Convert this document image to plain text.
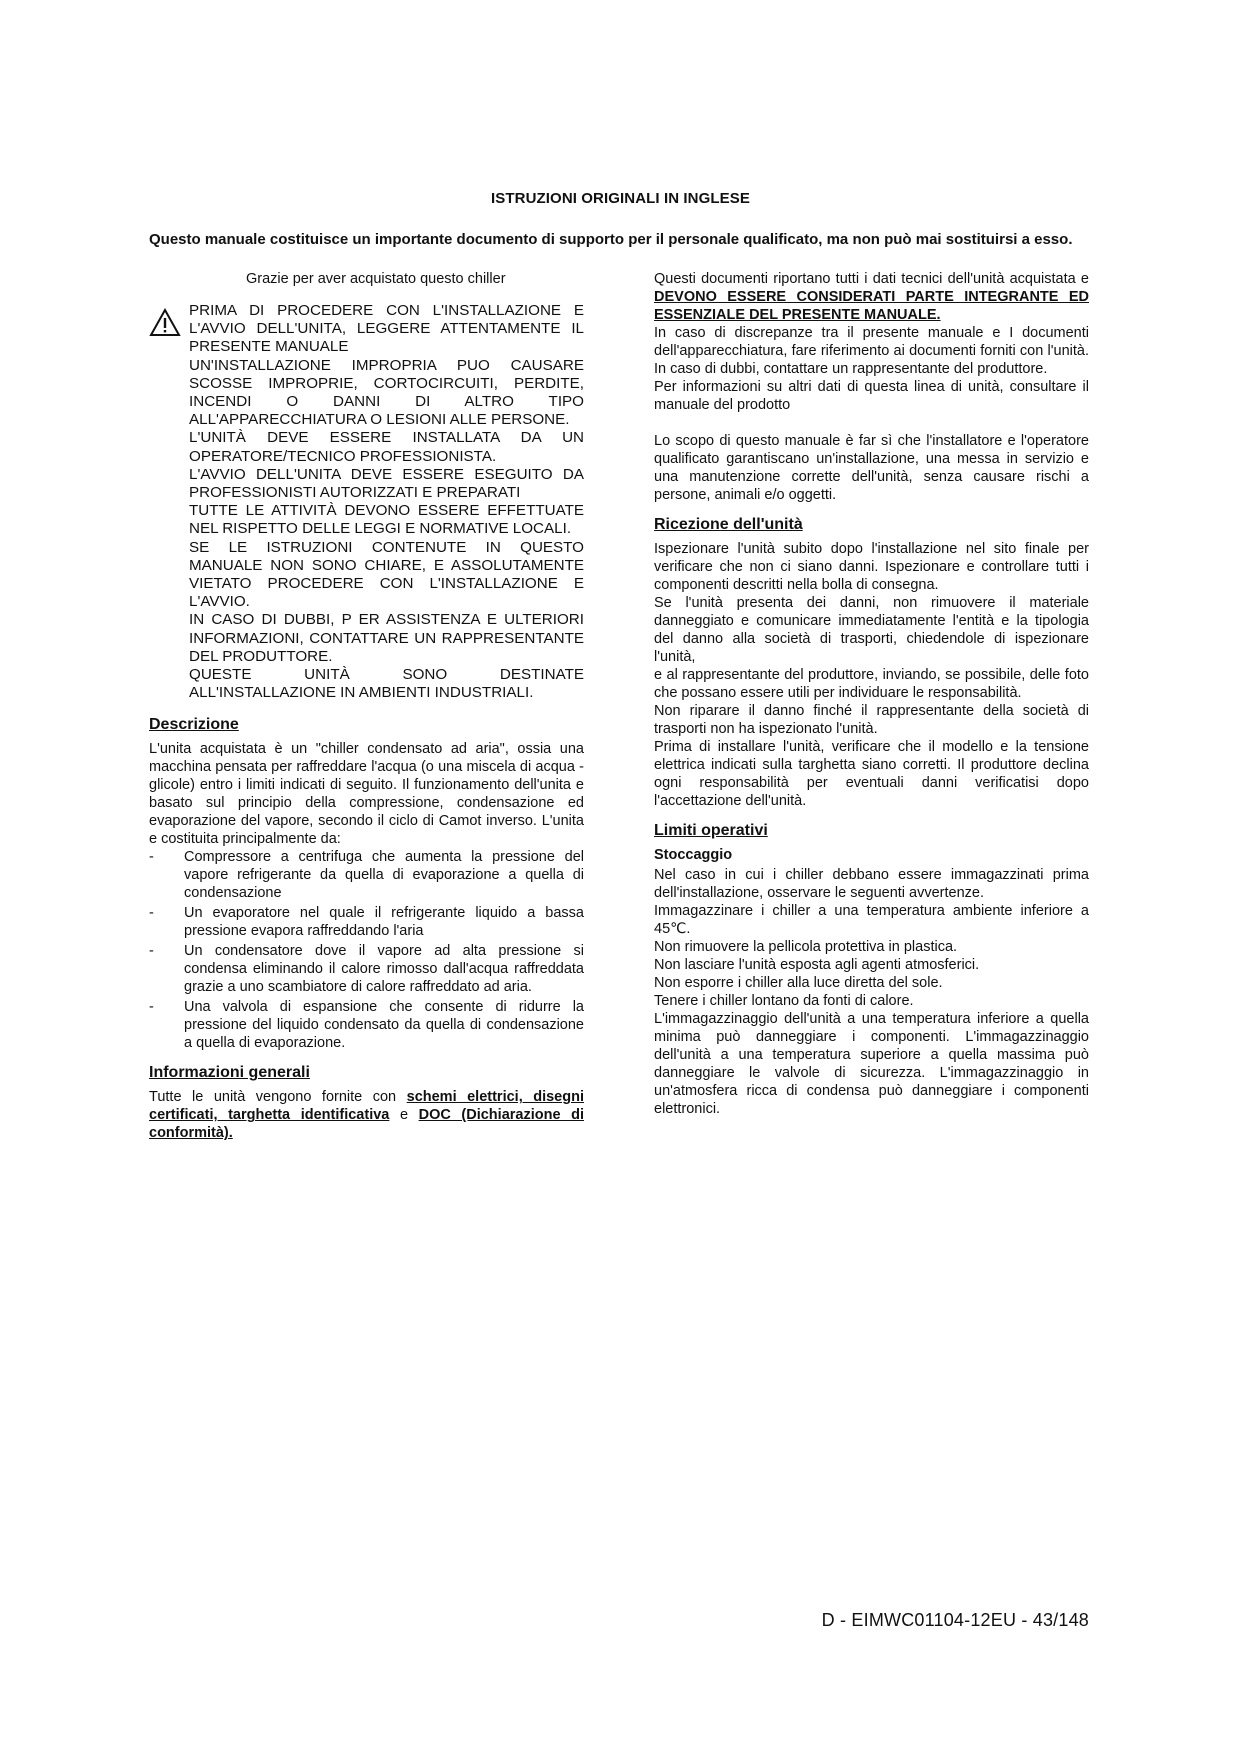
ISTRUZIONI ORIGINALI IN INGLESE
Questo manuale costituisce un importante documento di supporto per il personale qualificato, ma non può mai sostituirsi a esso.

Grazie per aver acquistato questo chiller

PRIMA DI PROCEDERE CON L'INSTALLAZIONE E L'AVVIO DELL'UNITA, LEGGERE ATTENTAMENTE IL PRESENTE MANUALE

UN'INSTALLAZIONE IMPROPRIA PUO CAUSARE SCOSSE IMPROPRIE, CORTOCIRCUITI, PERDITE, INCENDI O DANNI DI ALTRO TIPO ALL'APPARECCHIATURA O LESIONI ALLE PERSONE.

L'UNITÀ DEVE ESSERE INSTALLATA DA UN OPERATORE/TECNICO PROFESSIONISTA.

L'AVVIO DELL'UNITA DEVE ESSERE ESEGUITO DA PROFESSIONISTI AUTORIZZATI E PREPARATI

TUTTE LE ATTIVITÀ DEVONO ESSERE EFFETTUATE NEL RISPETTO DELLE LEGGI E NORMATIVE LOCALI.

SE LE ISTRUZIONI CONTENUTE IN QUESTO MANUALE NON SONO CHIARE, E ASSOLUTAMENTE VIETATO PROCEDERE CON L'INSTALLAZIONE E L'AVVIO.

IN CASO DI DUBBI, P ER ASSISTENZA E ULTERIORI INFORMAZIONI, CONTATTARE UN RAPPRESENTANTE DEL PRODUTTORE.

QUESTE UNITÀ SONO DESTINATE ALL'INSTALLAZIONE IN AMBIENTI INDUSTRIALI.

Descrizione

L'unita acquistata è un "chiller condensato ad aria", ossia una macchina pensata per raffreddare l'acqua (o una miscela di acqua - glicole) entro i limiti indicati di seguito. Il funzionamento dell'unita e basato sul principio della compressione, condensazione ed evaporazione del vapore, secondo il ciclo di Camot inverso. L'unita e costituita principalmente da:

- Compressore a centrifuga che aumenta la pressione del vapore refrigerante da quella di evaporazione a quella di condensazione
- Un evaporatore nel quale il refrigerante liquido a bassa pressione evapora raffreddando l'aria
- Un condensatore dove il vapore ad alta pressione si condensa eliminando il calore rimosso dall'acqua raffreddata grazie a uno scambiatore di calore raffreddato ad aria.
- Una valvola di espansione che consente di ridurre la pressione del liquido condensato da quella di condensazione a quella di evaporazione.
Informazioni generali

Tutte le unità vengono fornite con schemi elettrici, disegni certificati, targhetta identificativa e DOC (Dichiarazione di conformità).

Questi documenti riportano tutti i dati tecnici dell'unità acquistata e DEVONO ESSERE CONSIDERATI PARTE INTEGRANTE ED ESSENZIALE DEL PRESENTE MANUALE.

In caso di discrepanze tra il presente manuale e I documenti dell'apparecchiatura, fare riferimento ai documenti forniti con l'unità. In caso di dubbi, contattare un rappresentante del produttore.

Per informazioni su altri dati di questa linea di unità, consultare il manuale del prodotto

Lo scopo di questo manuale è far sì che l'installatore e l'operatore qualificato garantiscano un'installazione, una messa in servizio e una manutenzione corrette dell'unità, senza causare rischi a persone, animali e/o oggetti.

Ricezione dell'unità

Ispezionare l'unità subito dopo l'installazione nel sito finale per verificare che non ci siano danni. Ispezionare e controllare tutti i componenti descritti nella bolla di consegna.

Se l'unità presenta dei danni, non rimuovere il materiale danneggiato e comunicare immediatamente l'entità e la tipologia del danno alla società di trasporti, chiedendole di ispezionare l'unità,

e al rappresentante del produttore, inviando, se possibile, delle foto che possano essere utili per individuare le responsabilità.

Non riparare il danno finché il rappresentante della società di trasporti non ha ispezionato l'unità.

Prima di installare l'unità, verificare che il modello e la tensione elettrica indicati sulla targhetta siano corretti. Il produttore declina ogni responsabilità per eventuali danni verificatisi dopo l'accettazione dell'unità.

Limiti operativi
Stoccaggio

Nel caso in cui i chiller debbano essere immagazzinati prima dell'installazione, osservare le seguenti avvertenze.

Immagazzinare i chiller a una temperatura ambiente inferiore a 45℃.

Non rimuovere la pellicola protettiva in plastica.

Non lasciare l'unità esposta agli agenti atmosferici.

Non esporre i chiller alla luce diretta del sole.

Tenere i chiller lontano da fonti di calore.

L'immagazzinaggio dell'unità a una temperatura inferiore a quella minima può danneggiare i componenti. L'immagazzinaggio dell'unità a una temperatura superiore a quella massima può danneggiare le valvole di sicurezza. L'immagazzinaggio in un'atmosfera ricca di condensa può danneggiare i componenti elettronici.

D - EIMWC01104-12EU - 43/148
